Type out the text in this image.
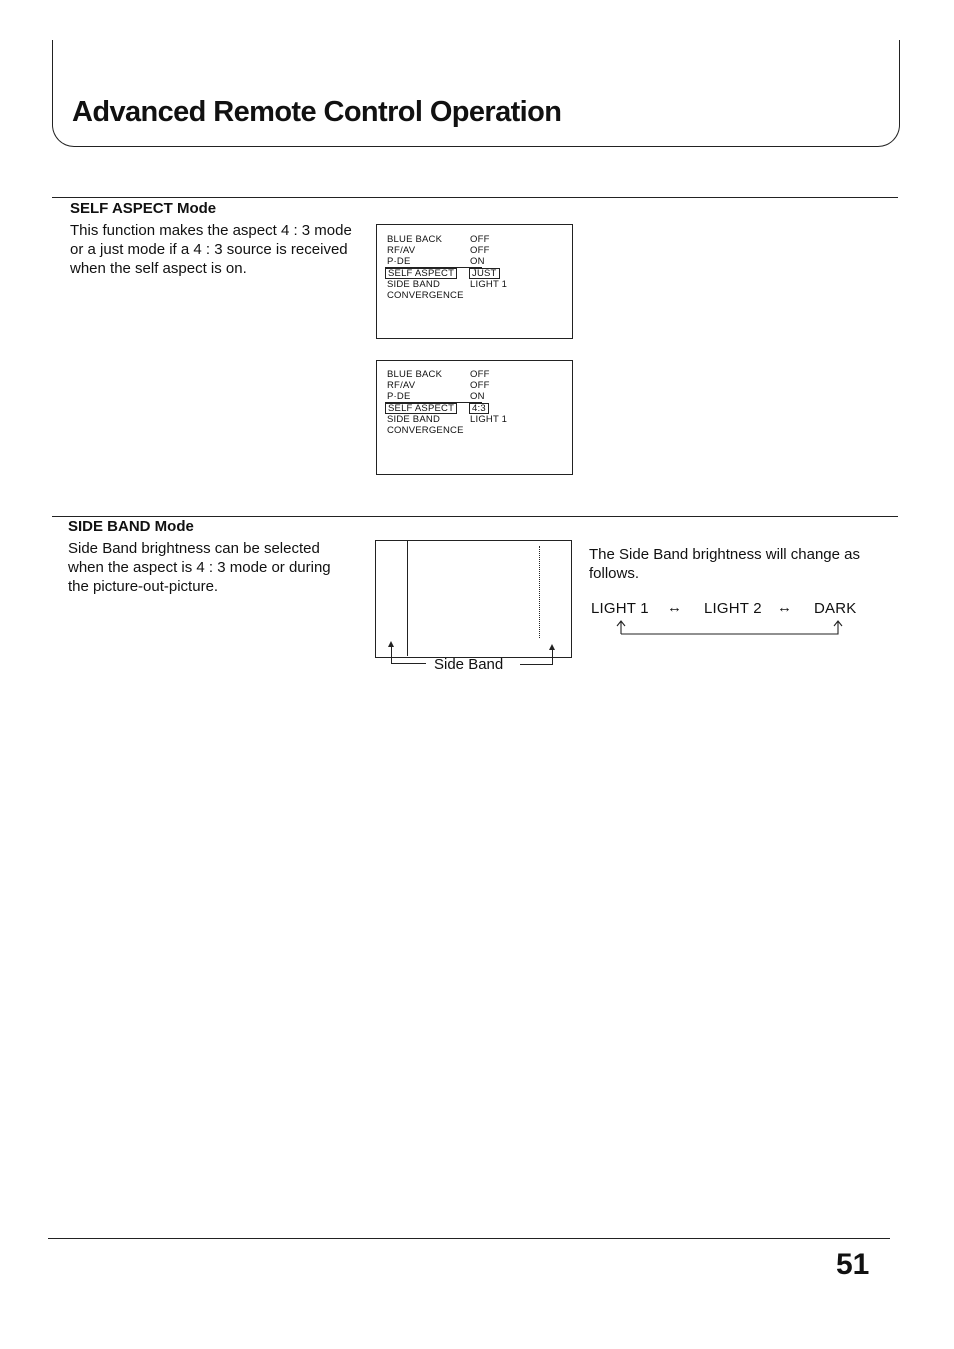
Advanced Remote Control Operation
SELF ASPECT Mode
This function makes the aspect 4 : 3 mode or a just mode if a 4 : 3 source is received when the self aspect is on.
BLUE BACK	OFF
RF/AV	OFF
P·DE	ON
SELF ASPECT	JUST
SIDE BAND	LIGHT 1
CONVERGENCE
BLUE BACK	OFF
RF/AV	OFF
P·DE	ON
SELF ASPECT	4:3
SIDE BAND	LIGHT 1
CONVERGENCE
SIDE BAND Mode
Side Band brightness can be selected when the aspect is 4 : 3 mode or during the picture-out-picture.
Side Band
The Side Band brightness will change as follows.
LIGHT 1 ↔ LIGHT 2 ↔ DARK
51
